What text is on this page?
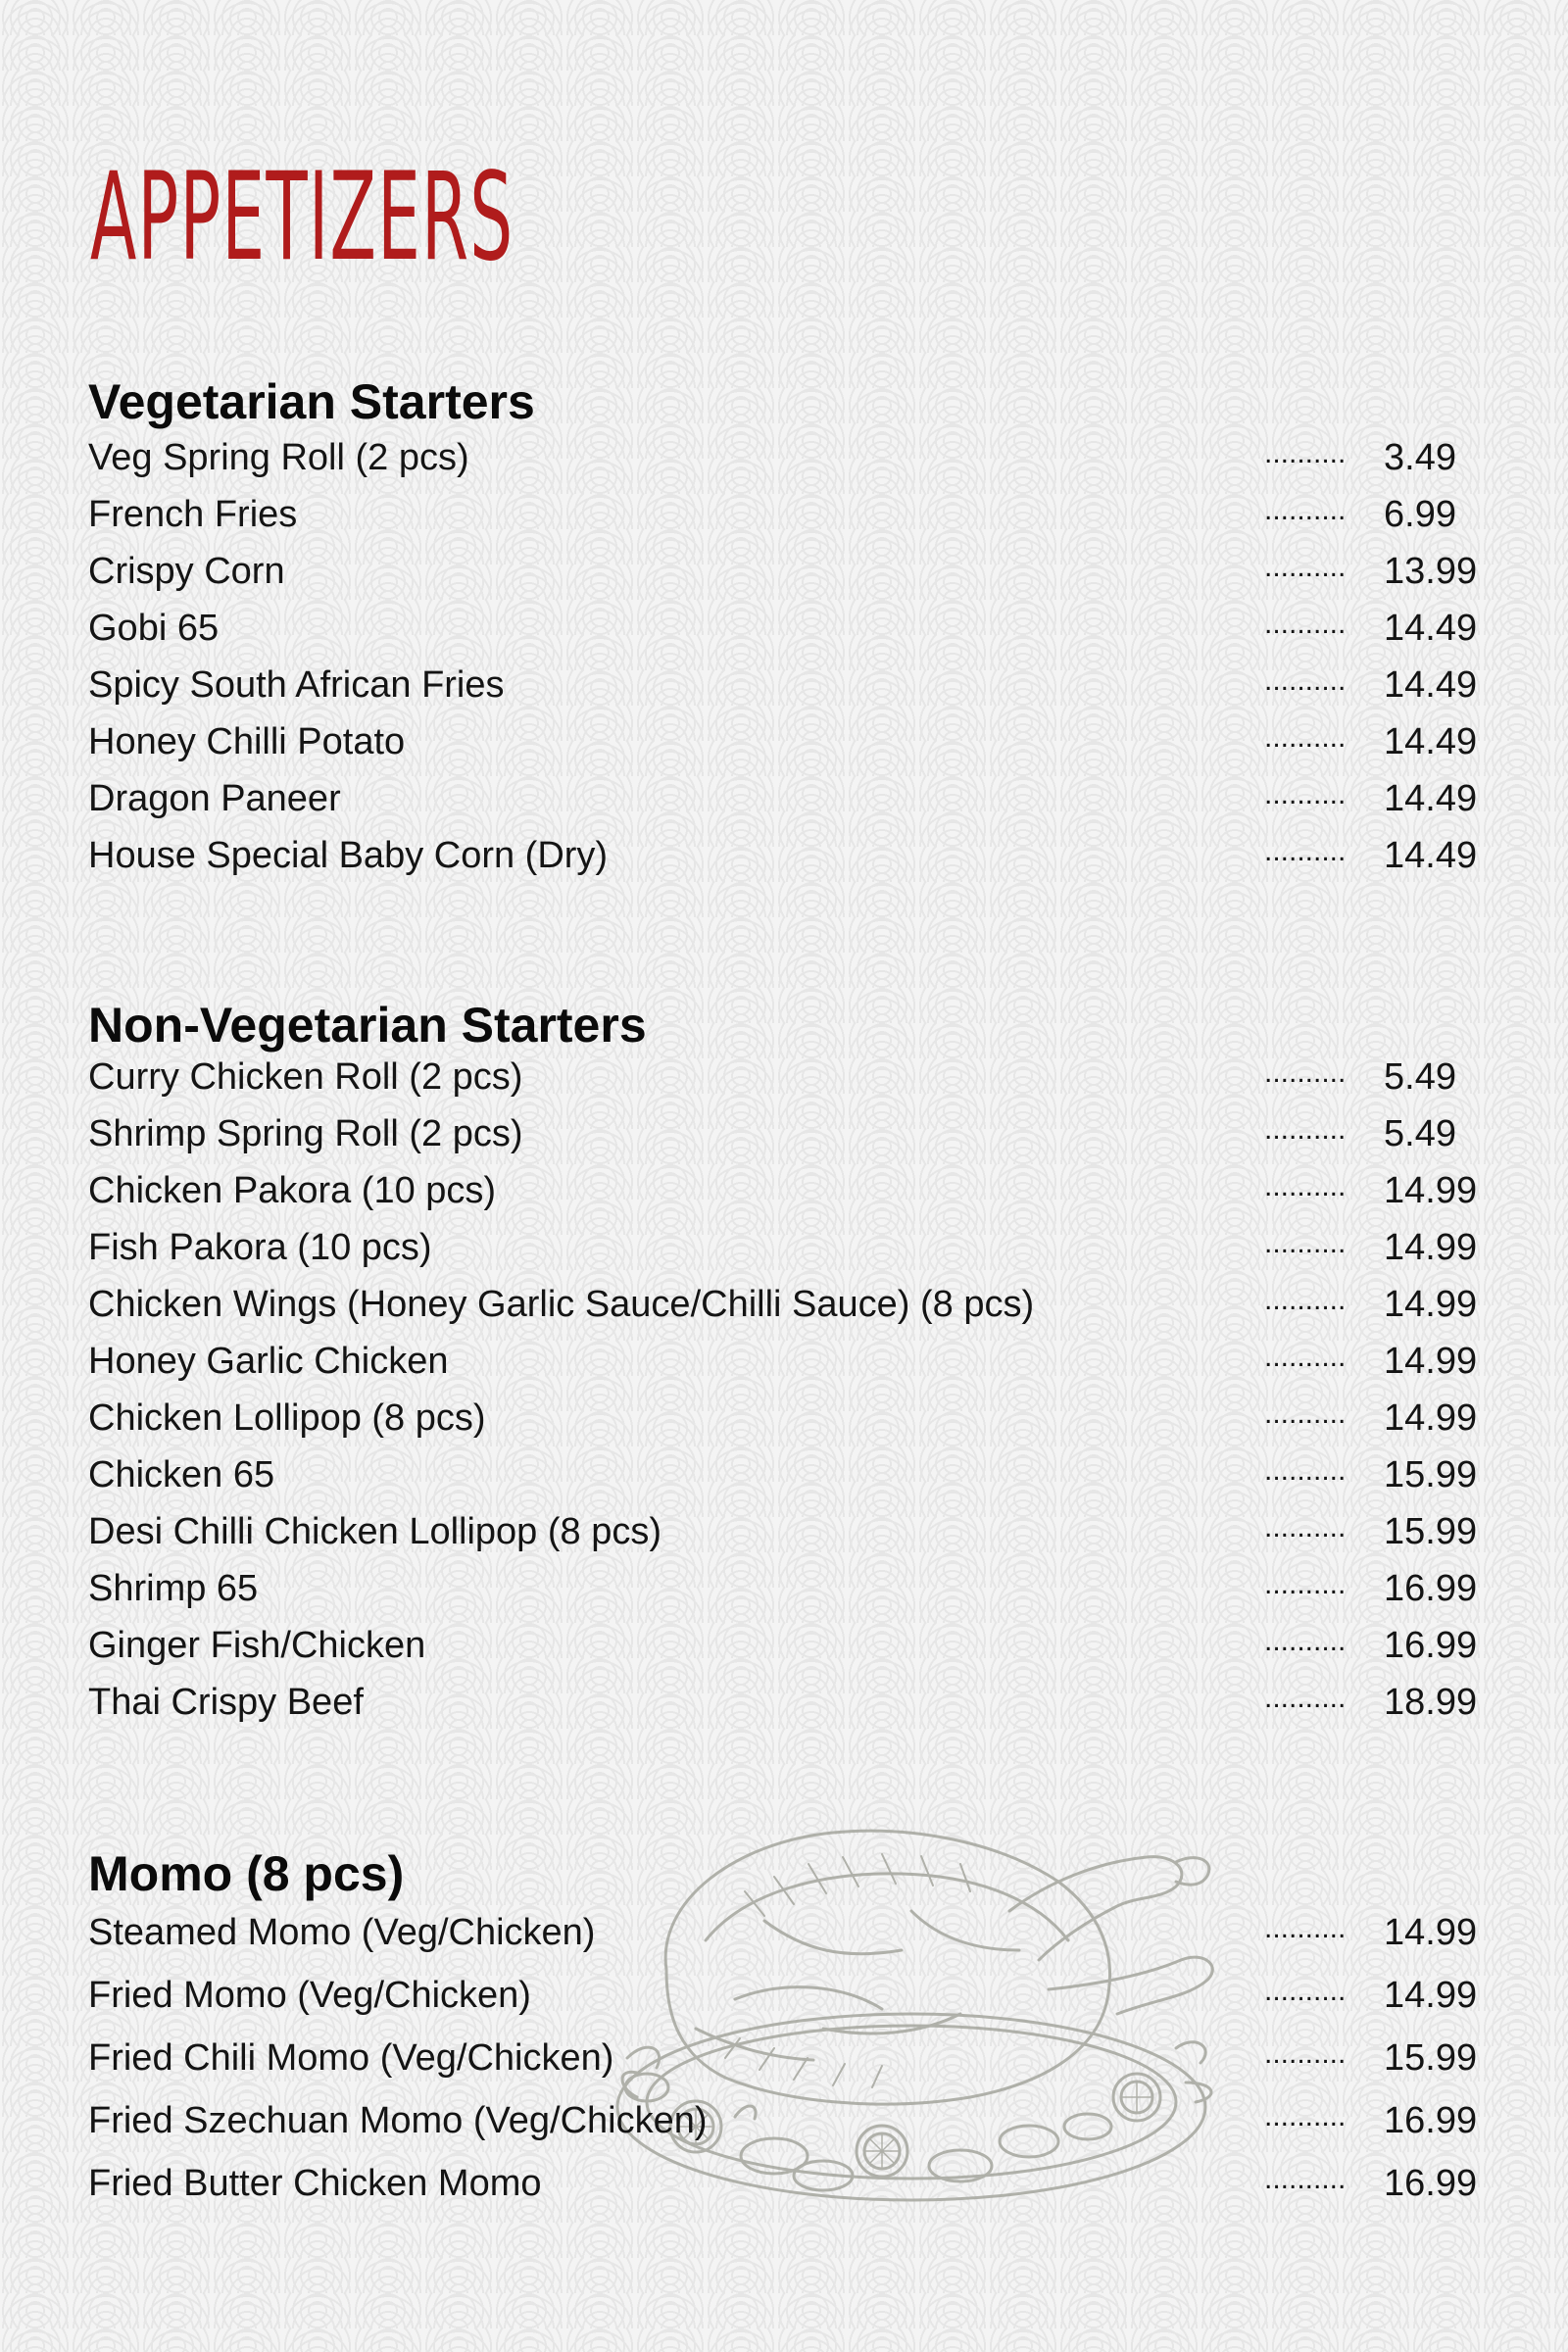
APPETIZERS
Vegetarian Starters
Veg Spring Roll (2 pcs)	.......... 3.49
French Fries	.......... 6.99
Crispy Corn	.......... 13.99
Gobi 65	.......... 14.49
Spicy South African Fries	.......... 14.49
Honey Chilli Potato	.......... 14.49
Dragon Paneer	.......... 14.49
House Special Baby Corn (Dry)	.......... 14.49
Non-Vegetarian Starters
Curry Chicken Roll (2 pcs)	.......... 5.49
Shrimp Spring Roll (2 pcs)	.......... 5.49
Chicken Pakora (10 pcs)	.......... 14.99
Fish Pakora (10 pcs)	.......... 14.99
Chicken Wings (Honey Garlic Sauce/Chilli Sauce) (8 pcs)	.......... 14.99
Honey Garlic Chicken	.......... 14.99
Chicken Lollipop (8 pcs)	.......... 14.99
Chicken 65	.......... 15.99
Desi Chilli Chicken Lollipop (8 pcs)	.......... 15.99
Shrimp 65	.......... 16.99
Ginger Fish/Chicken	.......... 16.99
Thai Crispy Beef	.......... 18.99
Momo (8 pcs)
Steamed Momo (Veg/Chicken)	.......... 14.99
Fried Momo (Veg/Chicken)	.......... 14.99
Fried Chili Momo (Veg/Chicken)	.......... 15.99
Fried Szechuan Momo (Veg/Chicken)	.......... 16.99
Fried Butter Chicken Momo	.......... 16.99
